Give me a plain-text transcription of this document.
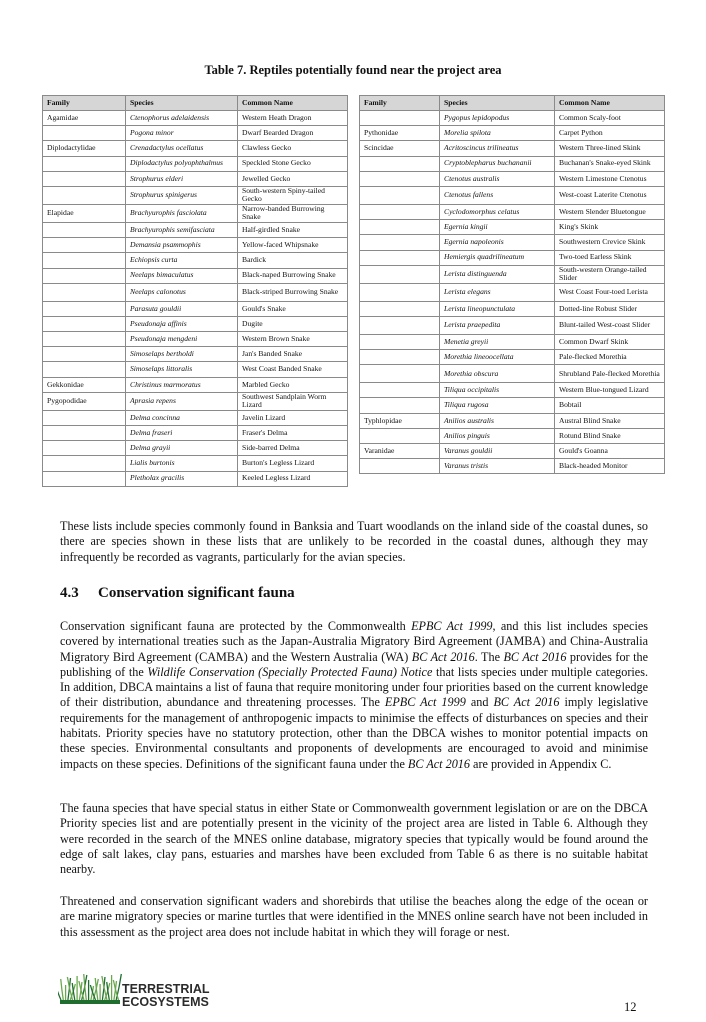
Table 7. Reptiles potentially found near the project area
Family	Species	Common Name
Agamidae	Ctenophorus adelaidensis	Western Heath Dragon
	Pogona minor	Dwarf Bearded Dragon
Diplodactylidae	Crenadactylus ocellatus	Clawless Gecko
	Diplodactylus polyophthalmus	Speckled Stone Gecko
	Strophurus elderi	Jewelled Gecko
	Strophurus spinigerus	South-western Spiny-tailed Gecko
Elapidae	Brachyurophis fasciolata	Narrow-banded Burrowing Snake
	Brachyurophis semifasciata	Half-girdled Snake
	Demansia psammophis	Yellow-faced Whipsnake
	Echiopsis curta	Bardick
	Neelaps bimaculatus	Black-naped Burrowing Snake
	Neelaps calonotus	Black-striped Burrowing Snake
	Parasuta gouldii	Gould's Snake
	Pseudonaja affinis	Dugite
	Pseudonaja mengdeni	Western Brown Snake
	Simoselaps bertholdi	Jan's Banded Snake
	Simoselaps littoralis	West Coast Banded Snake
Gekkonidae	Christinus marmoratus	Marbled Gecko
Pygopodidae	Aprasia repens	Southwest Sandplain Worm Lizard
	Delma concinna	Javelin Lizard
	Delma fraseri	Fraser's Delma
	Delma grayii	Side-barred Delma
	Lialis burtonis	Burton's Legless Lizard
	Pletholax gracilis	Keeled Legless Lizard
Family	Species	Common Name
	Pygopus lepidopodus	Common Scaly-foot
Pythonidae	Morelia spilota	Carpet Python
Scincidae	Acritoscincus trilineatus	Western Three-lined Skink
	Cryptoblepharus buchananii	Buchanan's Snake-eyed Skink
	Ctenotus australis	Western Limestone Ctenotus
	Ctenotus fallens	West-coast Laterite Ctenotus
	Cyclodomorphus celatus	Western Slender Bluetongue
	Egernia kingii	King's Skink
	Egernia napoleonis	Southwestern Crevice Skink
	Hemiergis quadrilineatum	Two-toed Earless Skink
	Lerista distinguenda	South-western Orange-tailed Slider
	Lerista elegans	West Coast Four-toed Lerista
	Lerista lineopunctulata	Dotted-line Robust Slider
	Lerista praepedita	Blunt-tailed West-coast Slider
	Menetia greyii	Common Dwarf Skink
	Morethia lineoocellata	Pale-flecked Morethia
	Morethia obscura	Shrubland Pale-flecked Morethia
	Tiliqua occipitalis	Western Blue-tongued Lizard
	Tiliqua rugosa	Bobtail
Typhlopidae	Anilios australis	Austral Blind Snake
	Anilios pinguis	Rotund Blind Snake
Varanidae	Varanus gouldii	Gould's Goanna
	Varanus tristis	Black-headed Monitor
These lists include species commonly found in Banksia and Tuart woodlands on the inland side of the coastal dunes, so there are species shown in these lists that are unlikely to be recorded in the coastal dunes, although they may infrequently be recorded as vagrants, particularly for the avian species.
4.3 Conservation significant fauna
Conservation significant fauna are protected by the Commonwealth EPBC Act 1999, and this list includes species covered by international treaties such as the Japan-Australia Migratory Bird Agreement (JAMBA) and China-Australia Migratory Bird Agreement (CAMBA) and the Western Australia (WA) BC Act 2016. The BC Act 2016 provides for the publishing of the Wildlife Conservation (Specially Protected Fauna) Notice that lists species under multiple categories. In addition, DBCA maintains a list of fauna that require monitoring under four priorities based on the current knowledge of their distribution, abundance and threatening processes. The EPBC Act 1999 and BC Act 2016 imply legislative requirements for the management of anthropogenic impacts to minimise the effects of disturbances on species and their habitats. Priority species have no statutory protection, other than the DBCA wishes to monitor potential impacts on these species. Environmental consultants and proponents of developments are encouraged to avoid and minimise impacts on these species. Definitions of the significant fauna under the BC Act 2016 are provided in Appendix C.
The fauna species that have special status in either State or Commonwealth government legislation or are on the DBCA Priority species list and are potentially present in the vicinity of the project area are listed in Table 6. Although they were recorded in the search of the MNES online database, migratory species that typically would be found around the edge of salt lakes, clay pans, estuaries and marshes have been excluded from Table 6 as there is no suitable habitat nearby.
Threatened and conservation significant waders and shorebirds that utilise the beaches along the edge of the ocean or are marine migratory species or marine turtles that were identified in the MNES online search have not been included in this assessment as the project area does not include habitat in which they will forage or nest.
TERRESTRIAL
ECOSYSTEMS	12
